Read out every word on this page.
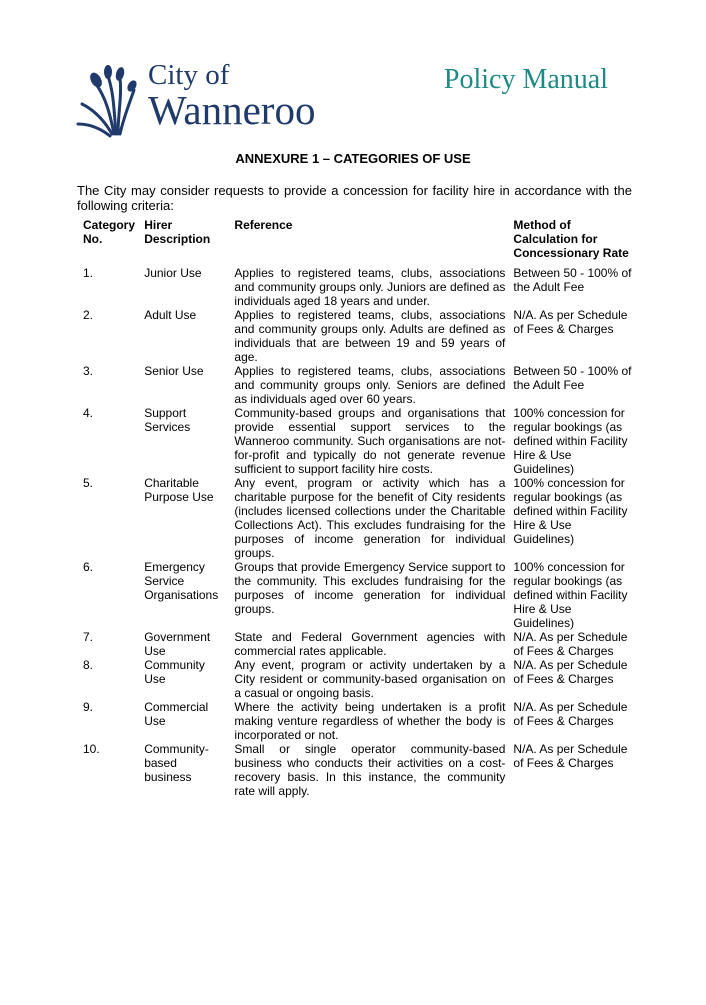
City of
Wanneroo
Policy Manual
ANNEXURE 1 – CATEGORIES OF USE
The City may consider requests to provide a concession for facility hire in accordance with the following criteria:
Category No.	Hirer Description	Reference	Method of Calculation for Concessionary Rate
1.	Junior Use	Applies to registered teams, clubs, associations and community groups only. Juniors are defined as individuals aged 18 years and under.	Between 50 - 100% of the Adult Fee
2.	Adult Use	Applies to registered teams, clubs, associations and community groups only. Adults are defined as individuals that are between 19 and 59 years of age.	N/A. As per Schedule of Fees & Charges
3.	Senior Use	Applies to registered teams, clubs, associations and community groups only. Seniors are defined as individuals aged over 60 years.	Between 50 - 100% of the Adult Fee
4.	Support Services	Community-based groups and organisations that provide essential support services to the Wanneroo community. Such organisations are not-for-profit and typically do not generate revenue sufficient to support facility hire costs.	100% concession for regular bookings (as defined within Facility Hire & Use Guidelines)
5.	Charitable Purpose Use	Any event, program or activity which has a charitable purpose for the benefit of City residents (includes licensed collections under the Charitable Collections Act). This excludes fundraising for the purposes of income generation for individual groups.	100% concession for regular bookings (as defined within Facility Hire & Use Guidelines)
6.	Emergency Service Organisations	Groups that provide Emergency Service support to the community. This excludes fundraising for the purposes of income generation for individual groups.	100% concession for regular bookings (as defined within Facility Hire & Use Guidelines)
7.	Government Use	State and Federal Government agencies with commercial rates applicable.	N/A. As per Schedule of Fees & Charges
8.	Community Use	Any event, program or activity undertaken by a City resident or community-based organisation on a casual or ongoing basis.	N/A. As per Schedule of Fees & Charges
9.	Commercial Use	Where the activity being undertaken is a profit making venture regardless of whether the body is incorporated or not.	N/A. As per Schedule of Fees & Charges
10.	Community-based business	Small or single operator community-based business who conducts their activities on a cost-recovery basis. In this instance, the community rate will apply.	N/A. As per Schedule of Fees & Charges
